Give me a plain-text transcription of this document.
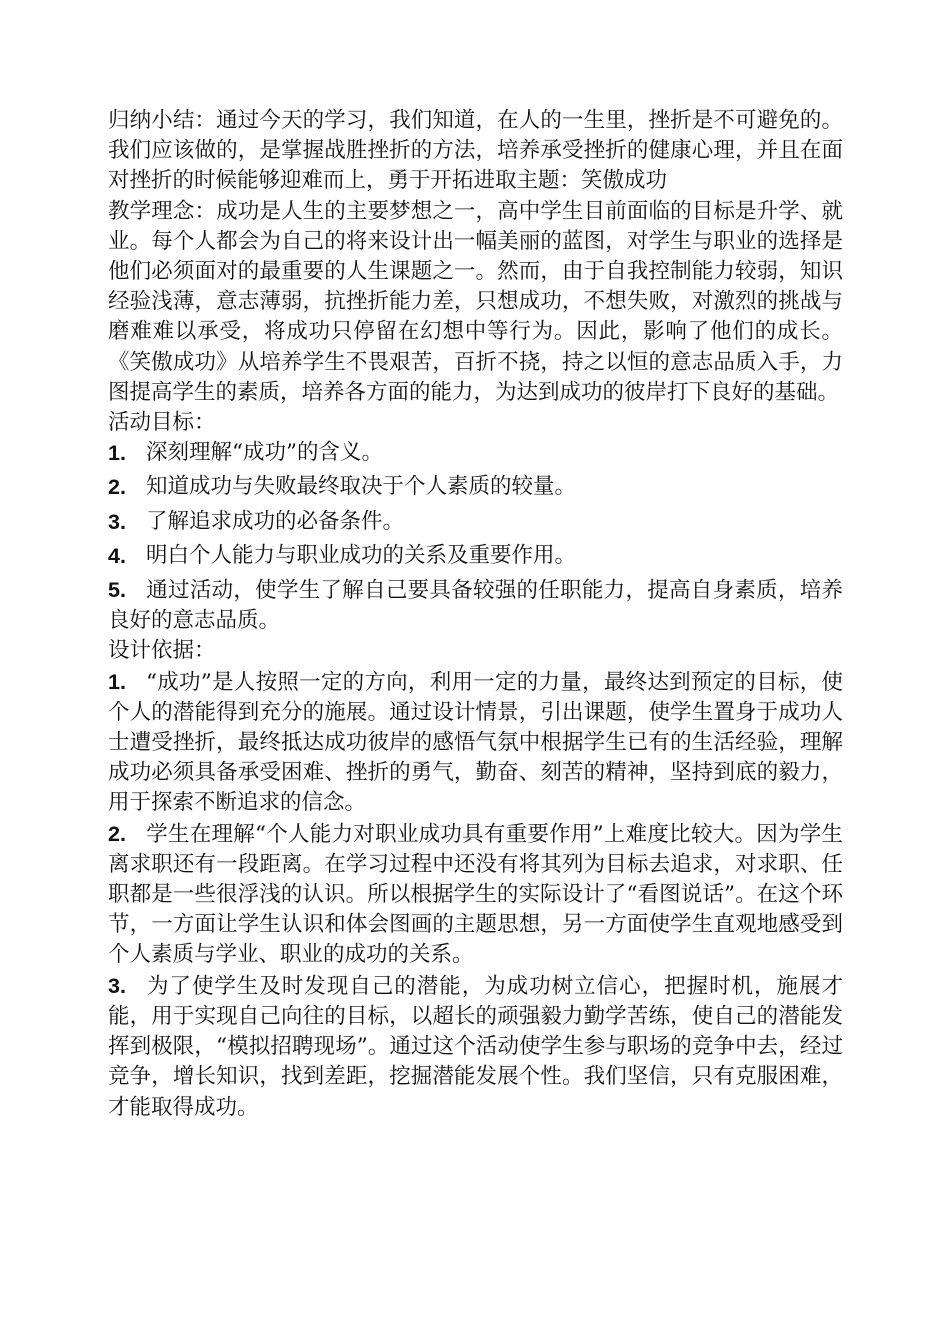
归纳小结：通过今天的学习，我们知道，在人的一生里，挫折是不可避免的。我们应该做的，是掌握战胜挫折的方法，培养承受挫折的健康心理，并且在面对挫折的时候能够迎难而上，勇于开拓进取主题：笑傲成功

教学理念：成功是人生的主要梦想之一，高中学生目前面临的目标是升学、就业。每个人都会为自己的将来设计出一幅美丽的蓝图，对学生与职业的选择是他们必须面对的最重要的人生课题之一。然而，由于自我控制能力较弱，知识经验浅薄，意志薄弱，抗挫折能力差，只想成功，不想失败，对激烈的挑战与磨难难以承受，将成功只停留在幻想中等行为。因此，影响了他们的成长。《笑傲成功》从培养学生不畏艰苦，百折不挠，持之以恒的意志品质入手，力图提高学生的素质，培养各方面的能力，为达到成功的彼岸打下良好的基础。

活动目标：

1. 深刻理解“成功”的含义。
2. 知道成功与失败最终取决于个人素质的较量。
3. 了解追求成功的必备条件。
4. 明白个人能力与职业成功的关系及重要作用。
5. 通过活动，使学生了解自己要具备较强的任职能力，提高自身素质，培养良好的意志品质。

设计依据：

1. “成功”是人按照一定的方向，利用一定的力量，最终达到预定的目标，使个人的潜能得到充分的施展。通过设计情景，引出课题，使学生置身于成功人士遭受挫折，最终抵达成功彼岸的感悟气氛中根据学生已有的生活经验，理解成功必须具备承受困难、挫折的勇气，勤奋、刻苦的精神，坚持到底的毅力，用于探索不断追求的信念。
2. 学生在理解“个人能力对职业成功具有重要作用”上难度比较大。因为学生离求职还有一段距离。在学习过程中还没有将其列为目标去追求，对求职、任职都是一些很浮浅的认识。所以根据学生的实际设计了“看图说话”。在这个环节，一方面让学生认识和体会图画的主题思想，另一方面使学生直观地感受到个人素质与学业、职业的成功的关系。
3. 为了使学生及时发现自己的潜能，为成功树立信心，把握时机，施展才能，用于实现自己向往的目标，以超长的顽强毅力勤学苦练，使自己的潜能发挥到极限，“模拟招聘现场”。通过这个活动使学生参与职场的竞争中去，经过竞争，增长知识，找到差距，挖掘潜能发展个性。我们坚信，只有克服困难，才能取得成功。
